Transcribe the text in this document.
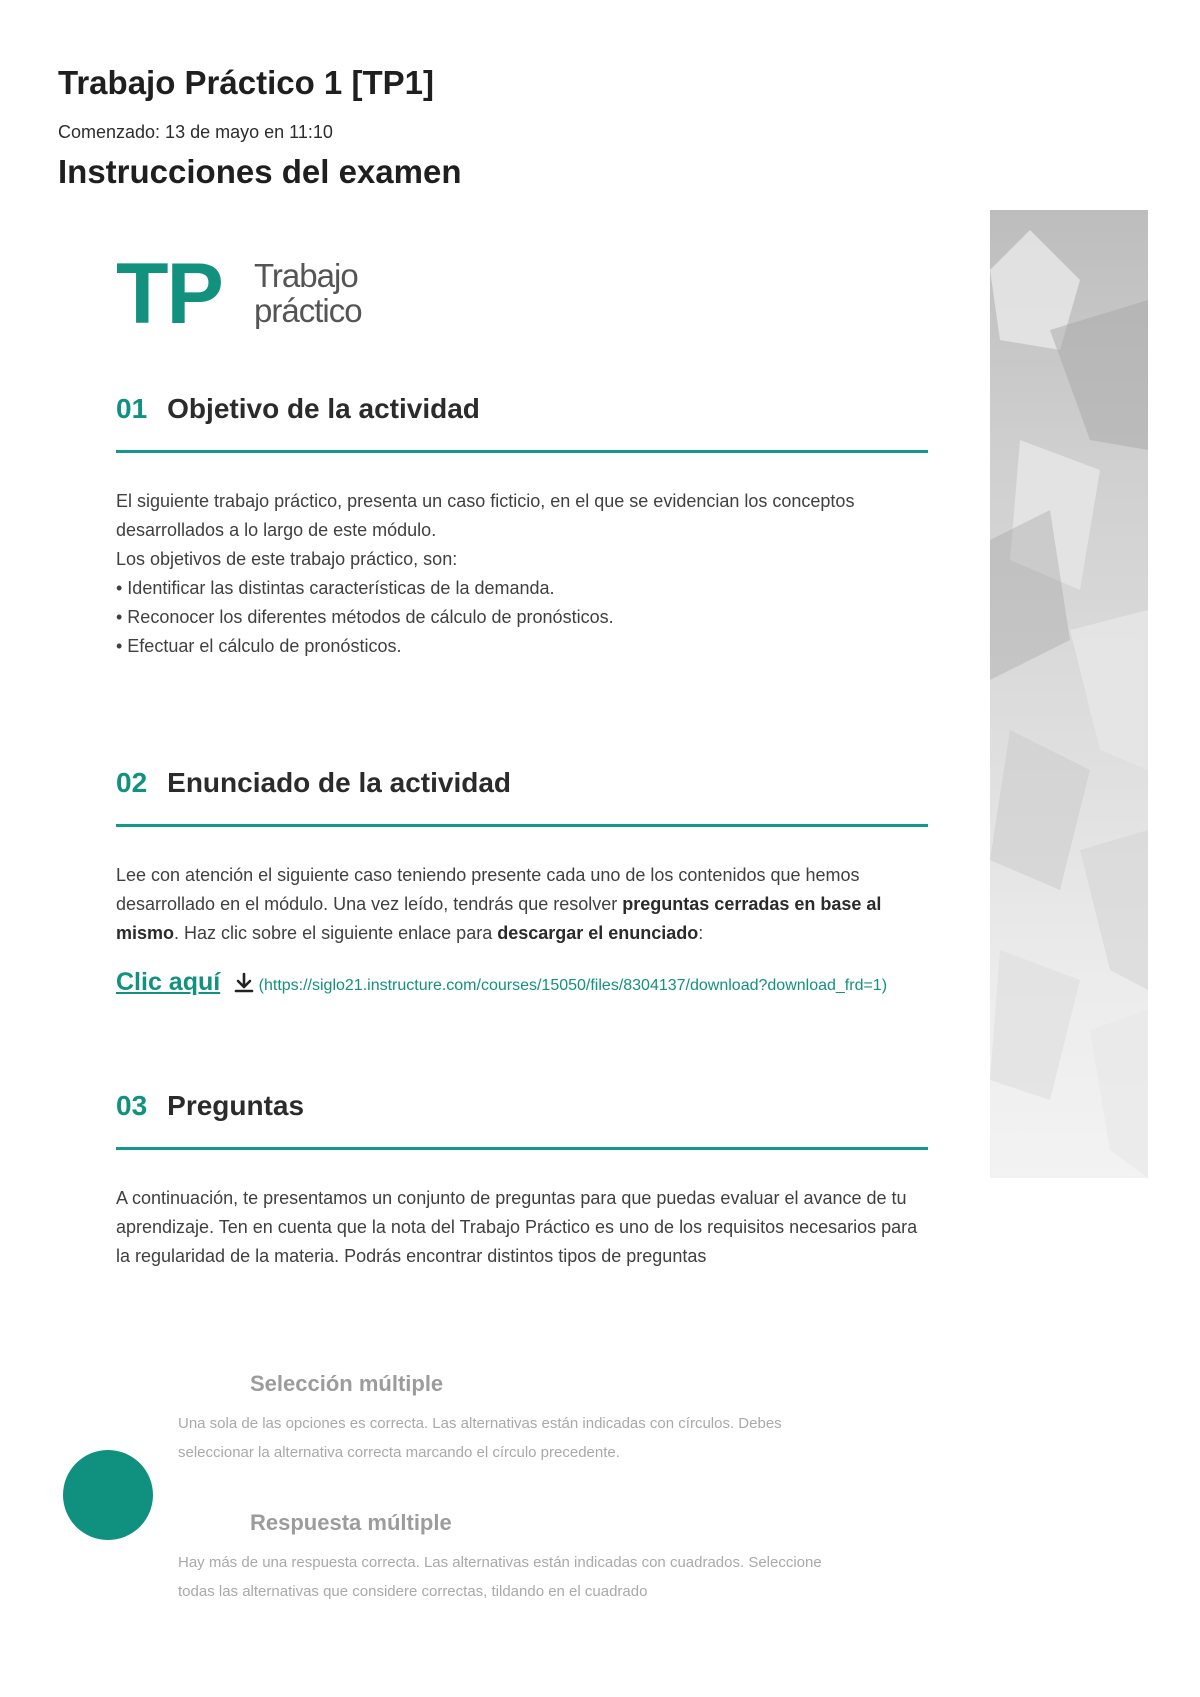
Trabajo Práctico 1 [TP1]
Comenzado: 13 de mayo en 11:10
Instrucciones del examen
TP Trabajo
práctico
01 Objetivo de la actividad

El siguiente trabajo práctico, presenta un caso ficticio, en el que se evidencian los conceptos desarrollados a lo largo de este módulo.

Los objetivos de este trabajo práctico, son:

• Identificar las distintas características de la demanda.

• Reconocer los diferentes métodos de cálculo de pronósticos.

• Efectuar el cálculo de pronósticos.

02 Enunciado de la actividad

Lee con atención el siguiente caso teniendo presente cada uno de los contenidos que hemos desarrollado en el módulo. Una vez leído, tendrás que resolver preguntas cerradas en base al mismo. Haz clic sobre el siguiente enlace para descargar el enunciado:

Clic aquí (https://siglo21.instructure.com/courses/15050/files/8304137/download?download_frd=1)
03 Preguntas

A continuación, te presentamos un conjunto de preguntas para que puedas evaluar el avance de tu aprendizaje. Ten en cuenta que la nota del Trabajo Práctico es uno de los requisitos necesarios para la regularidad de la materia. Podrás encontrar distintos tipos de preguntas

Selección múltiple
Una sola de las opciones es correcta. Las alternativas están indicadas con círculos. Debes seleccionar la alternativa correcta marcando el círculo precedente.
Respuesta múltiple
Hay más de una respuesta correcta. Las alternativas están indicadas con cuadrados. Seleccione todas las alternativas que considere correctas, tildando en el cuadrado
